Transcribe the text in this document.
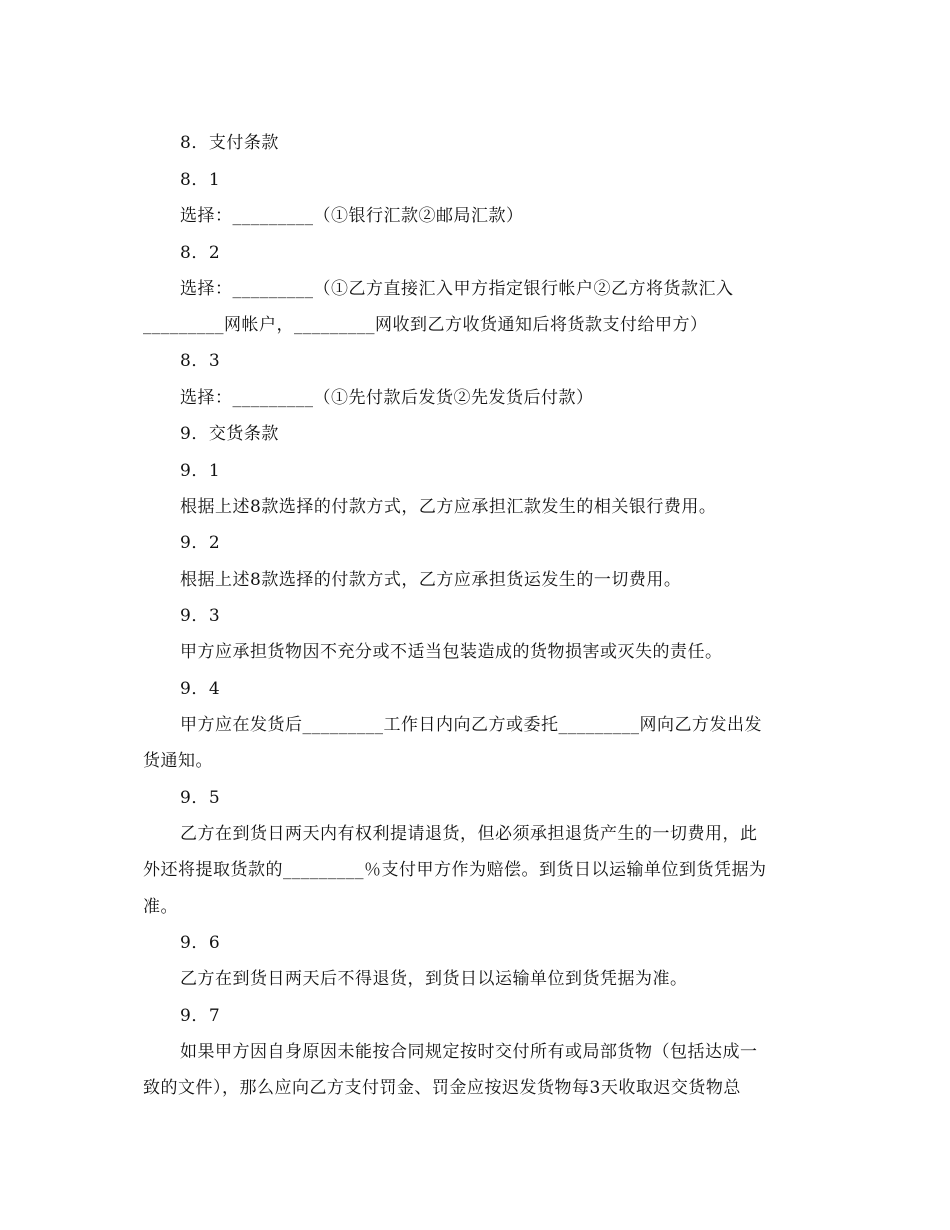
8．支付条款
8．1
选择：_________（①银行汇款②邮局汇款）
8．2
选择：_________（①乙方直接汇入甲方指定银行帐户②乙方将货款汇入
_________网帐户，_________网收到乙方收货通知后将货款支付给甲方）
8．3
选择：_________（①先付款后发货②先发货后付款）
9．交货条款
9．1
根据上述8款选择的付款方式，乙方应承担汇款发生的相关银行费用。
9．2
根据上述8款选择的付款方式，乙方应承担货运发生的一切费用。
9．3
甲方应承担货物因不充分或不适当包装造成的货物损害或灭失的责任。
9．4
甲方应在发货后_________工作日内向乙方或委托_________网向乙方发出发
货通知。
9．5
乙方在到货日两天内有权利提请退货，但必须承担退货产生的一切费用，此
外还将提取货款的_________％支付甲方作为赔偿。到货日以运输单位到货凭据为
准。
9．6
乙方在到货日两天后不得退货，到货日以运输单位到货凭据为准。
9．7
如果甲方因自身原因未能按合同规定按时交付所有或局部货物（包括达成一
致的文件），那么应向乙方支付罚金、罚金应按迟发货物每3天收取迟交货物总
